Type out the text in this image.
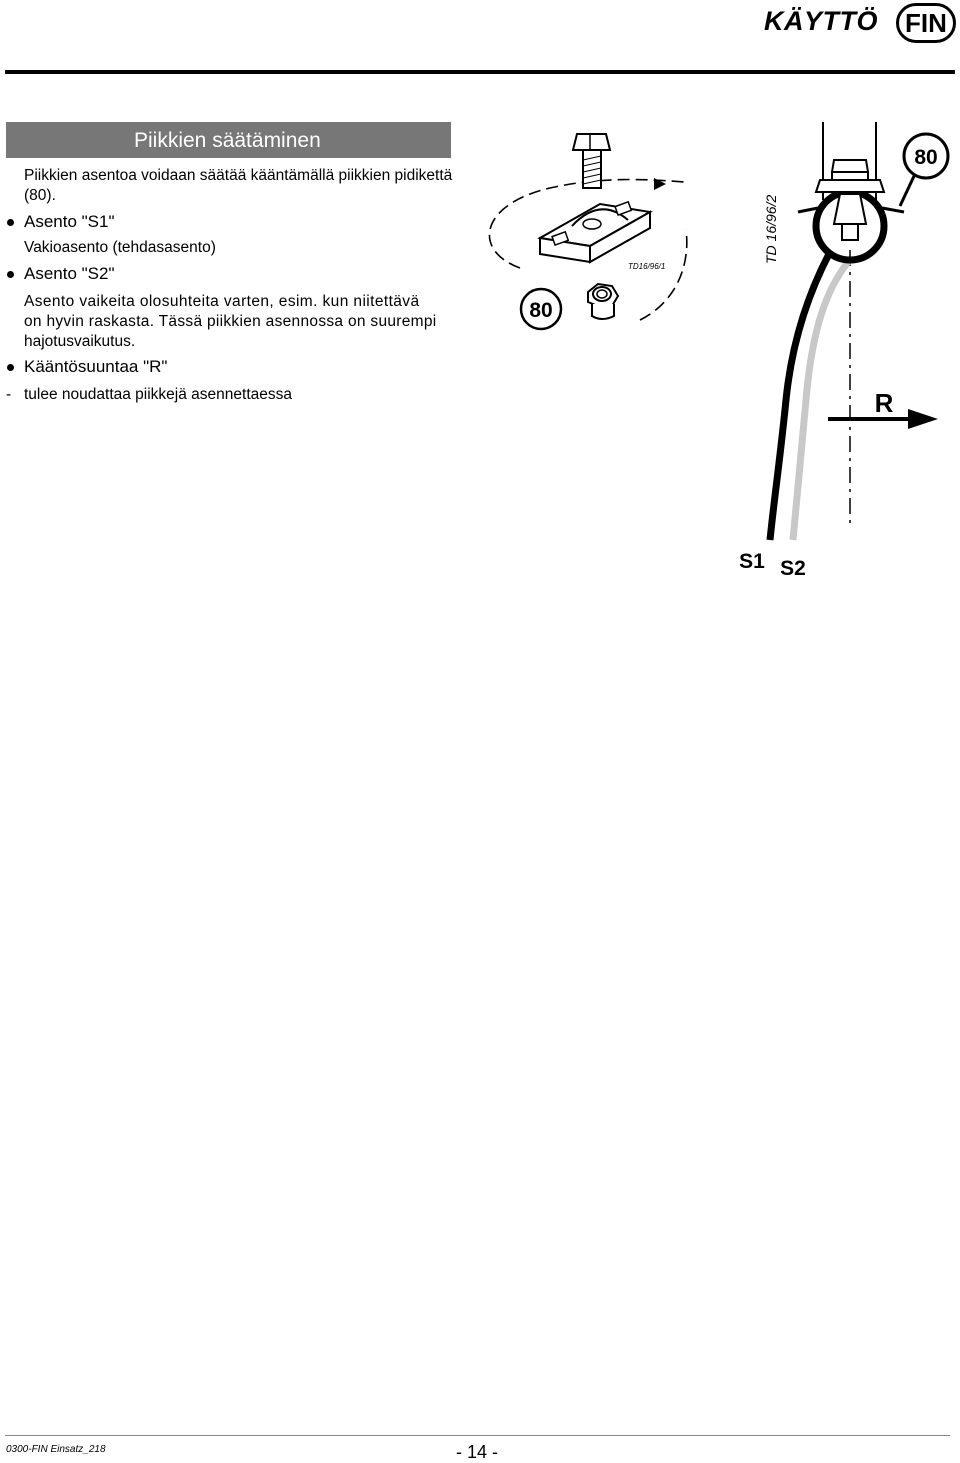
KÄYTTÖ	FIN
Piikkien säätäminen
Piikkien asentoa voidaan säätää kääntämällä piikkien pidikettä
(80).
Asento "S1"
Vakioasento (tehdasasento)
Asento "S2"
Asento vaikeita olosuhteita varten, esim. kun niitettävä
on hyvin raskasta. Tässä piikkien asennossa on suurempi
hajotusvaikutus.
Kääntösuuntaa "R"
- tulee noudattaa piikkejä asennettaessa
80
TD16/96/1
80
TD 16/96/2
R
S1 S2
0300-FIN Einsatz_218	- 14 -
